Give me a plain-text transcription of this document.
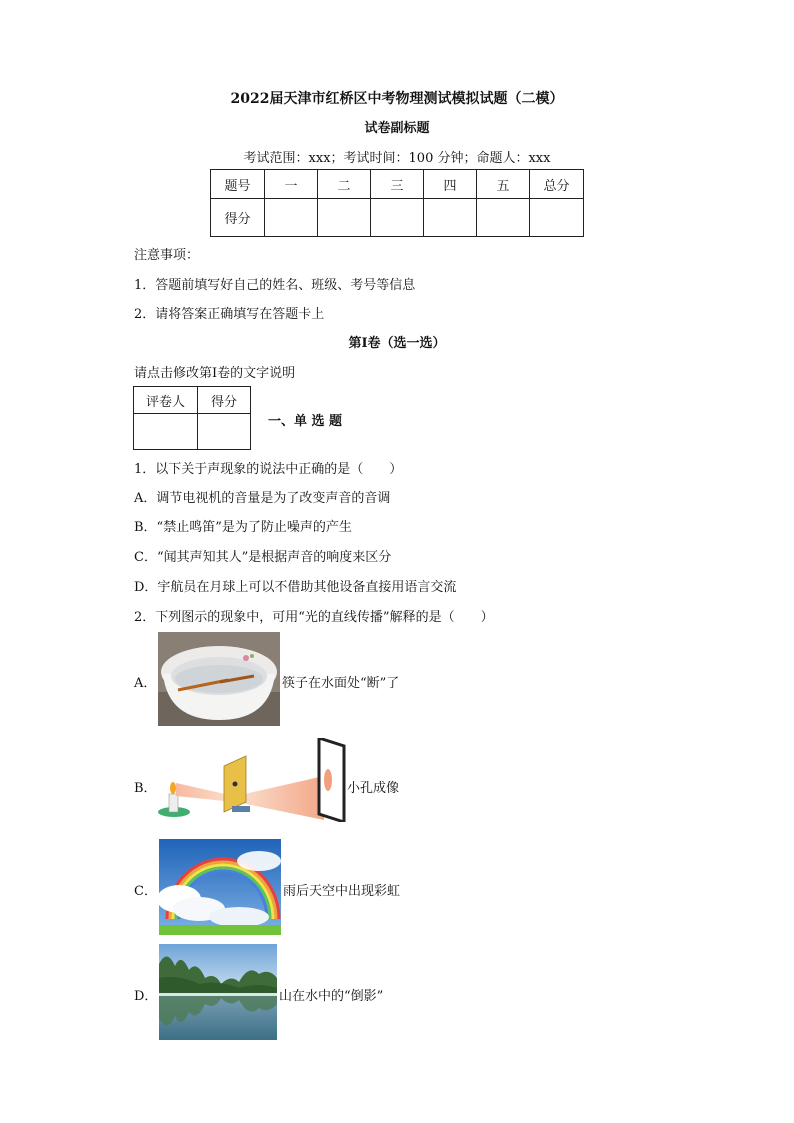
2022届天津市红桥区中考物理测试模拟试题（二模）
试卷副标题
考试范围：xxx；考试时间：100 分钟；命题人：xxx
题号	一	二	三	四	五	总分
得分						
注意事项：
1．答题前填写好自己的姓名、班级、考号等信息
2．请将答案正确填写在答题卡上
第I卷（选一选）
请点击修改第I卷的文字说明
评卷人	得分

一、单 选 题
1．以下关于声现象的说法中正确的是（　　）
A．调节电视机的音量是为了改变声音的音调
B．“禁止鸣笛”是为了防止噪声的产生
C．“闻其声知其人”是根据声音的响度来区分
D．宇航员在月球上可以不借助其他设备直接用语言交流
2．下列图示的现象中，可用“光的直线传播”解释的是（　　）
A．	筷子在水面处“断”了
B．	小孔成像
C．	雨后天空中出现彩虹
D．	山在水中的“倒影”
